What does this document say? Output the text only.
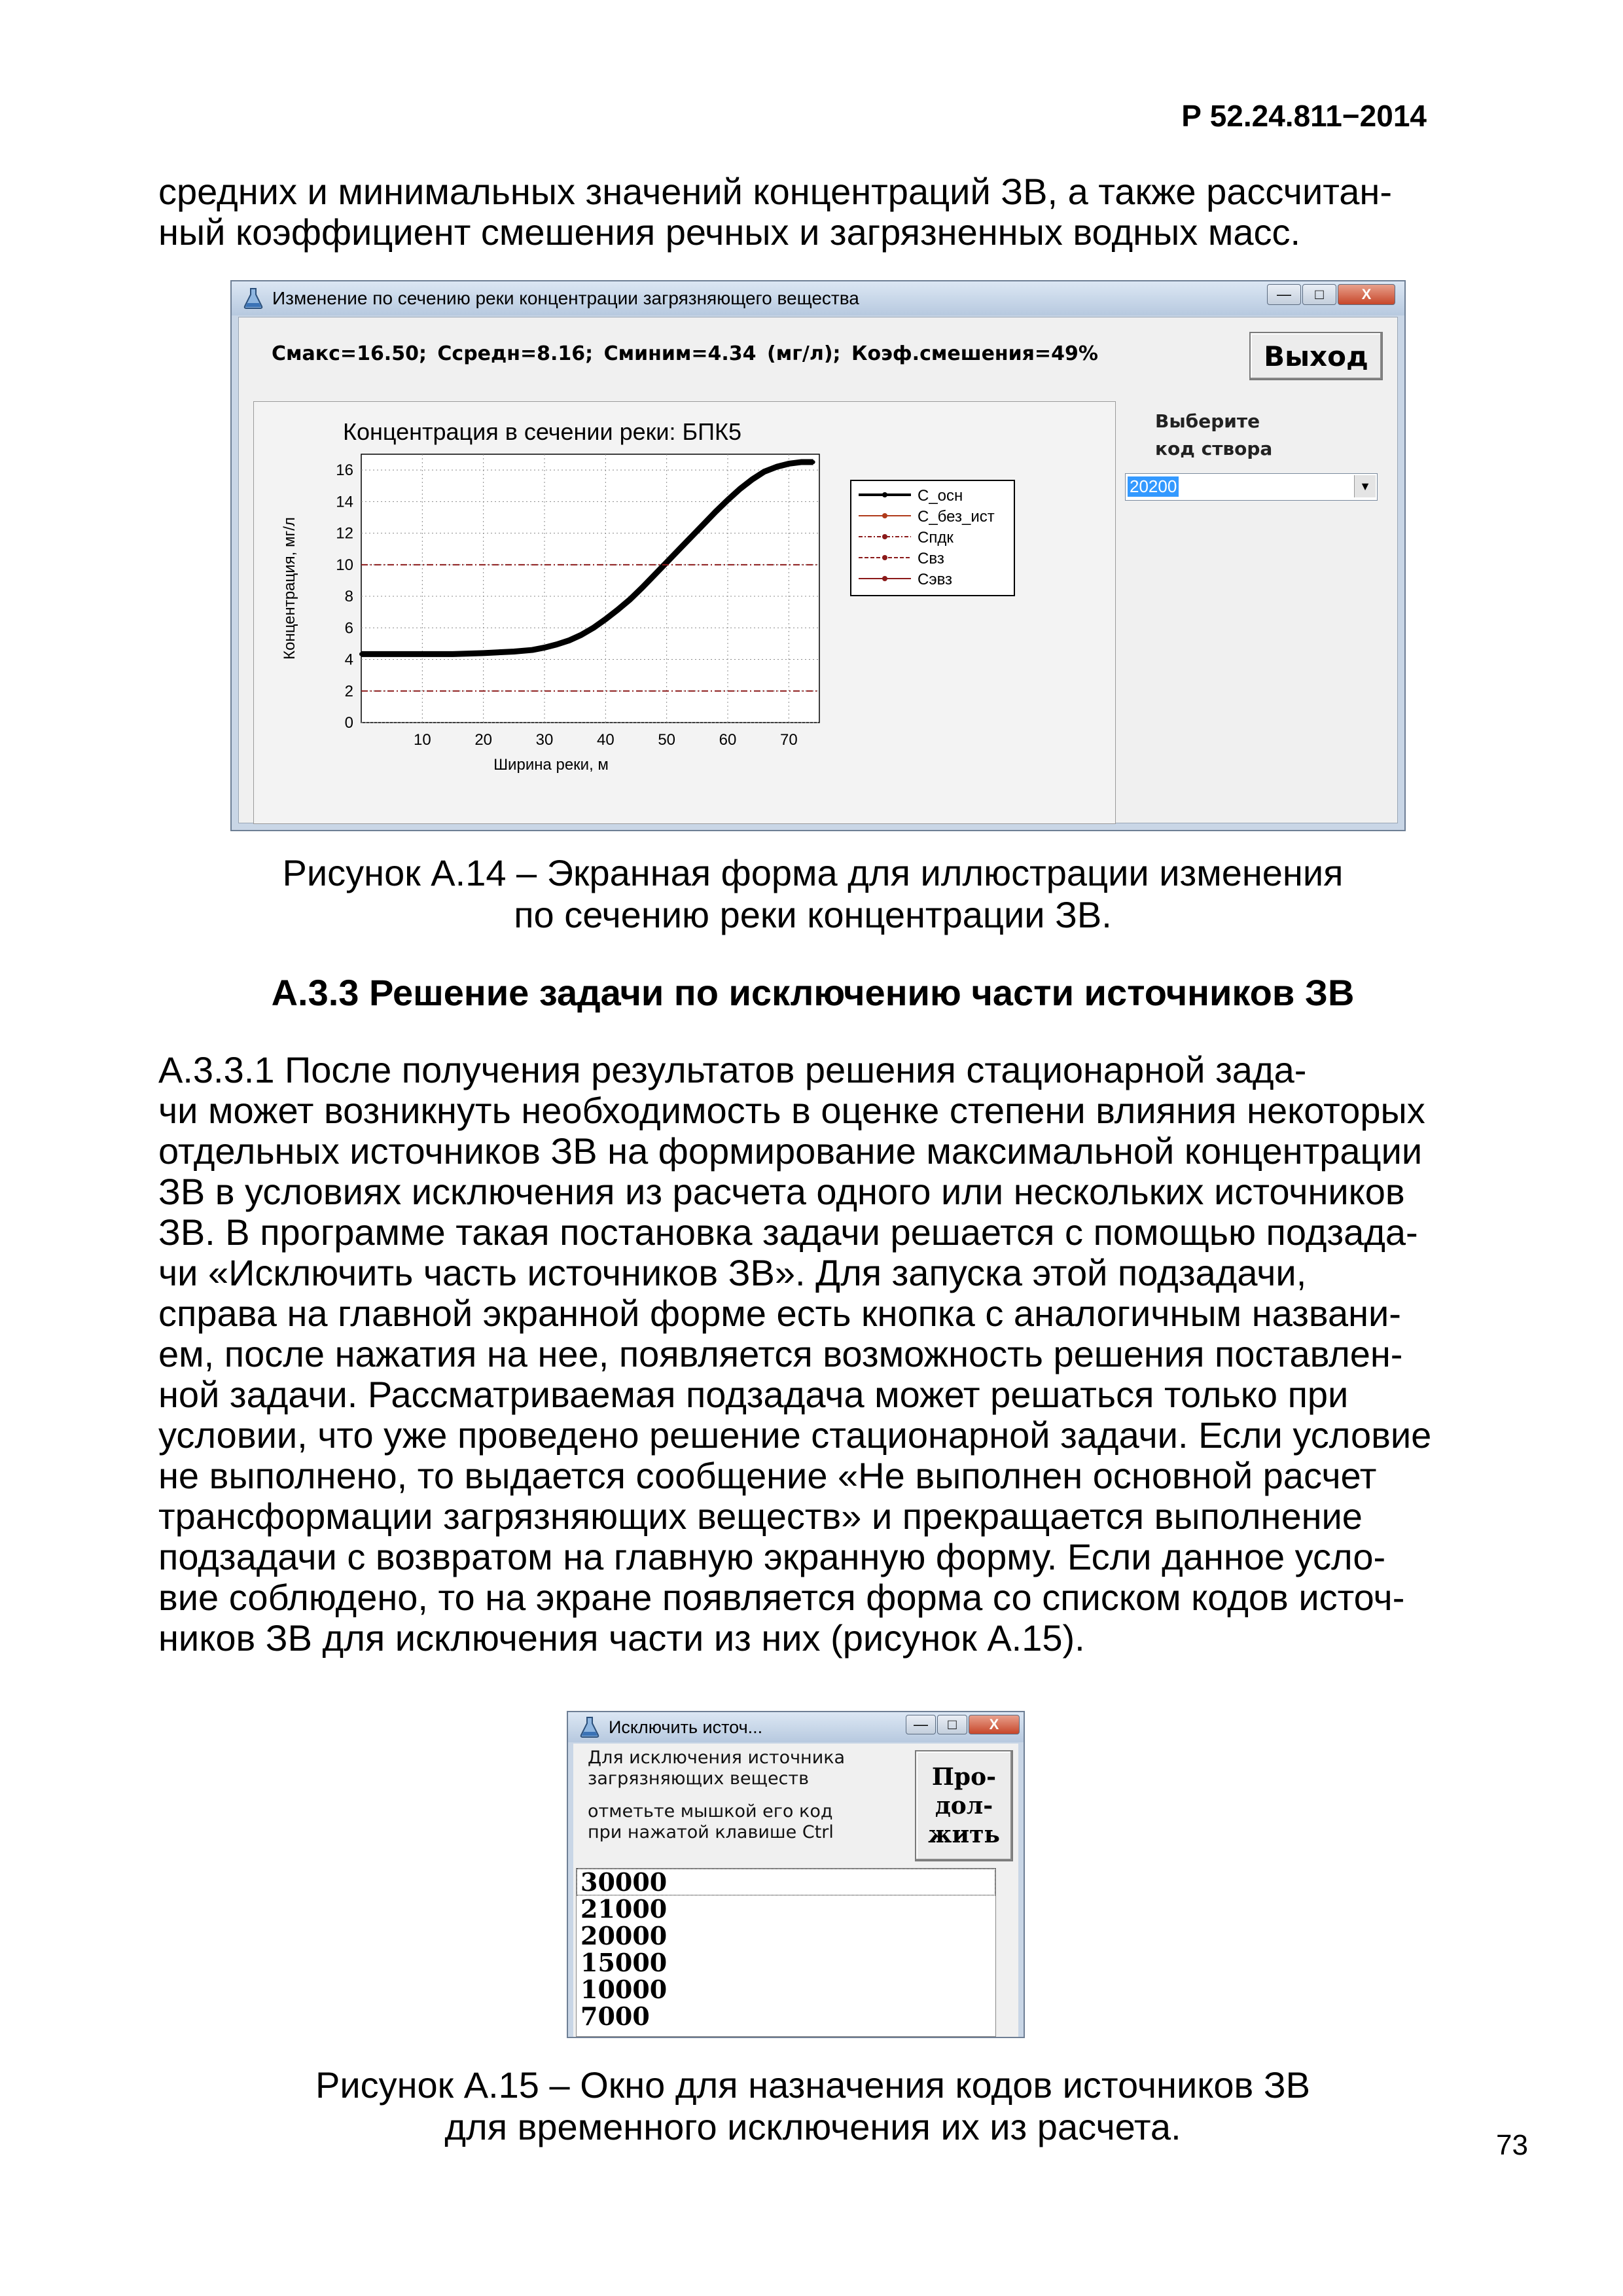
Р 52.24.811−2014
средних и минимальных значений концентраций ЗВ, а также рассчитан-
ный коэффициент смешения речных и загрязненных водных масс.
Изменение по сечению реки концентрации загрязняющего вещества	—	□	X
Смакс=16.50; Сcредн=8.16; Сминим=4.34 (мг/л); Коэф.смешения=49%	Выход
Выберите
код створа
20200	▼
10	20	30	40	50	60	70
0
2
4
6
8
10
12
14
16
Концентрация в сечении реки: БПК5
Ширина реки, м
Концентрация, мг/л
C_осн
C_без_ист
Спдк
Свз
Сэвз
Рисунок А.14 – Экранная форма для иллюстрации изменения
по сечению реки концентрации ЗВ.
А.3.3 Решение задачи по исключению части источников ЗВ
А.3.3.1 После получения результатов решения стационарной зада-
чи может возникнуть необходимость в оценке степени влияния некоторых
отдельных источников ЗВ на формирование максимальной концентрации
ЗВ в условиях исключения из расчета одного или нескольких источников
ЗВ. В программе такая постановка задачи решается с помощью подзада-
чи «Исключить часть источников ЗВ». Для запуска этой подзадачи,
справа на главной экранной форме есть кнопка с аналогичным названи-
ем, после нажатия на нее, появляется возможность решения поставлен-
ной задачи. Рассматриваемая подзадача может решаться только при
условии, что уже проведено решение стационарной задачи. Если условие
не выполнено, то выдается сообщение «Не выполнен основной расчет
трансформации загрязняющих веществ» и прекращается выполнение
подзадачи с возвратом на главную экранную форму. Если данное усло-
вие соблюдено, то на экране появляется форма со списком кодов источ-
ников ЗВ для исключения части из них (рисунок А.15).
Исключить источ...	—	□	X
Для исключения источника
загрязняющих веществ
отметьте мышкой его код
при нажатой клавише Ctrl
Про-
дол-
жить
30000
21000
20000
15000
10000
7000
Рисунок А.15 – Окно для назначения кодов источников ЗВ
для временного исключения их из расчета.	73
